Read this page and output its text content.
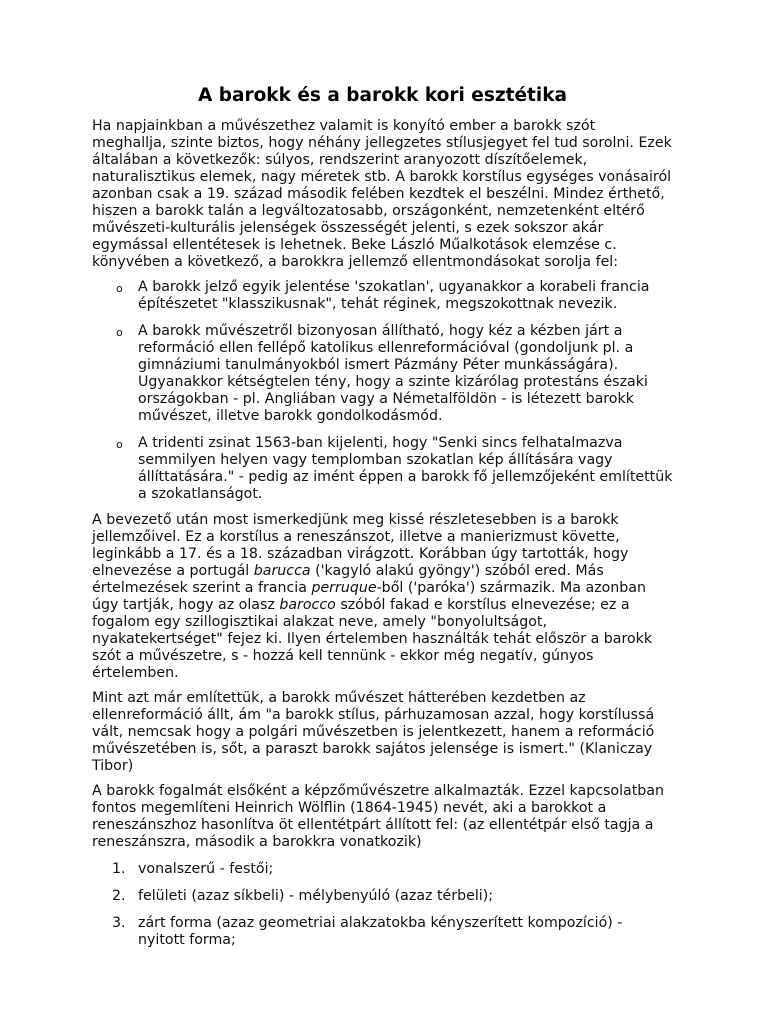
A barokk és a barokk kori esztétika

Ha napjainkban a művészethez valamit is konyító ember a barokk szót meghallja, szinte biztos, hogy néhány jellegzetes stílusjegyet fel tud sorolni. Ezek általában a következők: súlyos, rendszerint aranyozott díszítőelemek, naturalisztikus elemek, nagy méretek stb. A barokk korstílus egységes vonásairól azonban csak a 19. század második felében kezdtek el beszélni. Mindez érthető, hiszen a barokk talán a legváltozatosabb, országonként, nemzetenként eltérő művészeti-kulturális jelenségek összességét jelenti, s ezek sokszor akár egymással ellentétesek is lehetnek. Beke László Műalkotások elemzése c. könyvében a következő, a barokkra jellemző ellentmondásokat sorolja fel:

o A barokk jelző egyik jelentése 'szokatlan', ugyanakkor a korabeli francia építészetet "klasszikusnak", tehát réginek, megszokottnak nevezik.
o A barokk művészetről bizonyosan állítható, hogy kéz a kézben járt a reformáció ellen fellépő katolikus ellenreformációval (gondoljunk pl. a gimnáziumi tanulmányokból ismert Pázmány Péter munkásságára). Ugyanakkor kétségtelen tény, hogy a szinte kizárólag protestáns északi országokban - pl. Angliában vagy a Németalföldön - is létezett barokk művészet, illetve barokk gondolkodásmód.
o A tridenti zsinat 1563-ban kijelenti, hogy "Senki sincs felhatalmazva semmilyen helyen vagy templomban szokatlan kép állítására vagy állíttatására." - pedig az imént éppen a barokk fő jellemzőjeként említettük a szokatlanságot.

A bevezető után most ismerkedjünk meg kissé részletesebben is a barokk jellemzőivel. Ez a korstílus a reneszánszot, illetve a manierizmust követte, leginkább a 17. és a 18. században virágzott. Korábban úgy tartották, hogy elnevezése a portugál barucca ('kagyló alakú gyöngy') szóból ered. Más értelmezések szerint a francia perruque-ből ('paróka') származik. Ma azonban úgy tartják, hogy az olasz barocco szóból fakad e korstílus elnevezése; ez a fogalom egy szillogisztikai alakzat neve, amely "bonyolultságot, nyakatekertséget" fejez ki. Ilyen értelemben használták tehát először a barokk szót a művészetre, s - hozzá kell tennünk - ekkor még negatív, gúnyos értelemben.

Mint azt már említettük, a barokk művészet hátterében kezdetben az ellenreformáció állt, ám "a barokk stílus, párhuzamosan azzal, hogy korstílussá vált, nemcsak hogy a polgári művészetben is jelentkezett, hanem a reformáció művészetében is, sőt, a paraszt barokk sajátos jelensége is ismert." (Klaniczay Tibor)

A barokk fogalmát elsőként a képzőművészetre alkalmazták. Ezzel kapcsolatban fontos megemlíteni Heinrich Wölflin (1864-1945) nevét, aki a barokkot a reneszánszhoz hasonlítva öt ellentétpárt állított fel: (az ellentétpár első tagja a reneszánszra, második a barokkra vonatkozik)

1. vonalszerű - festői;
2. felületi (azaz síkbeli) - mélybenyúló (azaz térbeli);
3. zárt forma (azaz geometriai alakzatokba kényszerített kompozíció) - nyitott forma;
